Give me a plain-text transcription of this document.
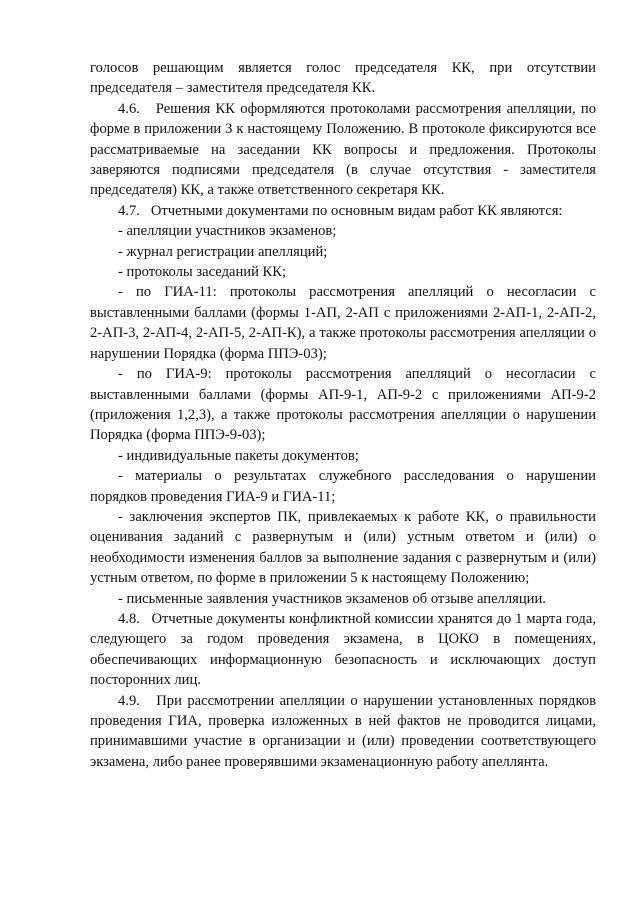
голосов решающим является голос председателя КК, при отсутствии председателя – заместителя председателя КК.

4.6. Решения КК оформляются протоколами рассмотрения апелляции, по форме в приложении 3 к настоящему Положению. В протоколе фиксируются все рассматриваемые на заседании КК вопросы и предложения. Протоколы заверяются подписями председателя (в случае отсутствия - заместителя председателя) КК, а также ответственного секретаря КК.

4.7. Отчетными документами по основным видам работ КК являются:

- апелляции участников экзаменов;

- журнал регистрации апелляций;

- протоколы заседаний КК;

- по ГИА-11: протоколы рассмотрения апелляций о несогласии с выставленными баллами (формы 1-АП, 2-АП с приложениями 2-АП-1, 2-АП-2, 2-АП-3, 2-АП-4, 2-АП-5, 2-АП-К), а также протоколы рассмотрения апелляции о нарушении Порядка (форма ППЭ-03);

- по ГИА-9: протоколы рассмотрения апелляций о несогласии с выставленными баллами (формы АП-9-1, АП-9-2 с приложениями АП-9-2 (приложения 1,2,3), а также протоколы рассмотрения апелляции о нарушении Порядка (форма ППЭ-9-03);

- индивидуальные пакеты документов;

- материалы о результатах служебного расследования о нарушении порядков проведения ГИА-9 и ГИА-11;

- заключения экспертов ПК, привлекаемых к работе КК, о правильности оценивания заданий с развернутым и (или) устным ответом и (или) о необходимости изменения баллов за выполнение задания с развернутым и (или) устным ответом, по форме в приложении 5 к настоящему Положению;

- письменные заявления участников экзаменов об отзыве апелляции.

4.8. Отчетные документы конфликтной комиссии хранятся до 1 марта года, следующего за годом проведения экзамена, в ЦОКО в помещениях, обеспечивающих информационную безопасность и исключающих доступ посторонних лиц.

4.9. При рассмотрении апелляции о нарушении установленных порядков проведения ГИА, проверка изложенных в ней фактов не проводится лицами, принимавшими участие в организации и (или) проведении соответствующего экзамена, либо ранее проверявшими экзаменационную работу апеллянта.
